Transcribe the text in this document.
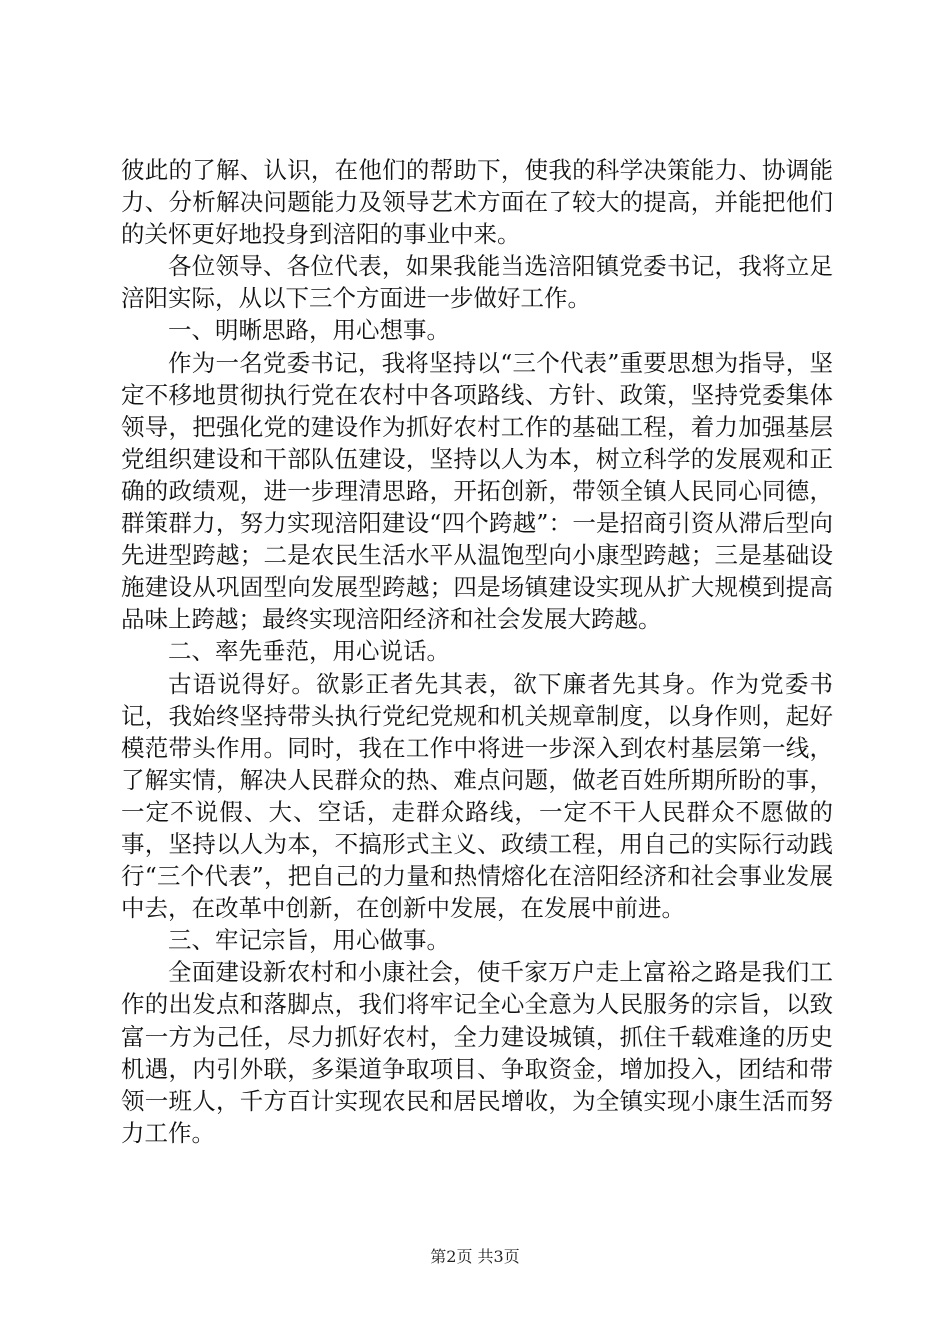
彼此的了解、认识，在他们的帮助下，使我的科学决策能力、协调能力、分析解决问题能力及领导艺术方面在了较大的提高，并能把他们的关怀更好地投身到涪阳的事业中来。

各位领导、各位代表，如果我能当选涪阳镇党委书记，我将立足涪阳实际，从以下三个方面进一步做好工作。

一、明晰思路，用心想事。

作为一名党委书记，我将坚持以“三个代表”重要思想为指导，坚定不移地贯彻执行党在农村中各项路线、方针、政策，坚持党委集体领导，把强化党的建设作为抓好农村工作的基础工程，着力加强基层党组织建设和干部队伍建设，坚持以人为本，树立科学的发展观和正确的政绩观，进一步理清思路，开拓创新，带领全镇人民同心同德，群策群力，努力实现涪阳建设“四个跨越”：一是招商引资从滞后型向先进型跨越；二是农民生活水平从温饱型向小康型跨越；三是基础设施建设从巩固型向发展型跨越；四是场镇建设实现从扩大规模到提高品味上跨越；最终实现涪阳经济和社会发展大跨越。

二、率先垂范，用心说话。

古语说得好。欲影正者先其表，欲下廉者先其身。作为党委书记，我始终坚持带头执行党纪党规和机关规章制度，以身作则，起好模范带头作用。同时，我在工作中将进一步深入到农村基层第一线，了解实情，解决人民群众的热、难点问题，做老百姓所期所盼的事，一定不说假、大、空话，走群众路线，一定不干人民群众不愿做的事，坚持以人为本，不搞形式主义、政绩工程，用自己的实际行动践行“三个代表”，把自己的力量和热情熔化在涪阳经济和社会事业发展中去，在改革中创新，在创新中发展，在发展中前进。

三、牢记宗旨，用心做事。

全面建设新农村和小康社会，使千家万户走上富裕之路是我们工作的出发点和落脚点，我们将牢记全心全意为人民服务的宗旨，以致富一方为己任，尽力抓好农村，全力建设城镇，抓住千载难逢的历史机遇，内引外联，多渠道争取项目、争取资金，增加投入，团结和带领一班人，千方百计实现农民和居民增收，为全镇实现小康生活而努力工作。

第2页 共3页
